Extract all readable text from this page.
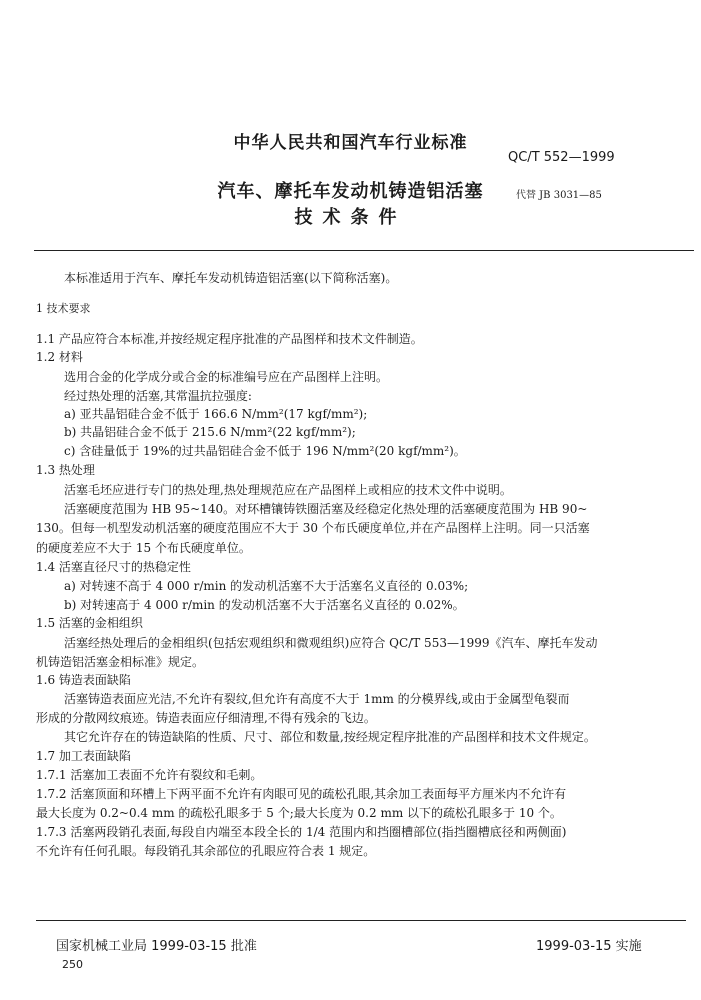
中华人民共和国汽车行业标准
QC/T 552—1999
汽车、摩托车发动机铸造铝活塞	代替 JB 3031—85
技术条件
本标准适用于汽车、摩托车发动机铸造铝活塞(以下简称活塞)。
1 技术要求
1.1 产品应符合本标准,并按经规定程序批准的产品图样和技术文件制造。
1.2 材料
选用合金的化学成分或合金的标准编号应在产品图样上注明。
经过热处理的活塞,其常温抗拉强度:
a) 亚共晶铝硅合金不低于 166.6 N/mm²(17 kgf/mm²);
b) 共晶铝硅合金不低于 215.6 N/mm²(22 kgf/mm²);
c) 含硅量低于 19%的过共晶铝硅合金不低于 196 N/mm²(20 kgf/mm²)。
1.3 热处理
活塞毛坯应进行专门的热处理,热处理规范应在产品图样上或相应的技术文件中说明。
活塞硬度范围为 HB 95~140。对环槽镶铸铁圈活塞及经稳定化热处理的活塞硬度范围为 HB 90~
130。但每一机型发动机活塞的硬度范围应不大于 30 个布氏硬度单位,并在产品图样上注明。同一只活塞
的硬度差应不大于 15 个布氏硬度单位。
1.4 活塞直径尺寸的热稳定性
a) 对转速不高于 4 000 r/min 的发动机活塞不大于活塞名义直径的 0.03%;
b) 对转速高于 4 000 r/min 的发动机活塞不大于活塞名义直径的 0.02%。
1.5 活塞的金相组织
活塞经热处理后的金相组织(包括宏观组织和微观组织)应符合 QC/T 553—1999《汽车、摩托车发动
机铸造铝活塞金相标准》规定。
1.6 铸造表面缺陷
活塞铸造表面应光洁,不允许有裂纹,但允许有高度不大于 1mm 的分模界线,或由于金属型龟裂而
形成的分散网纹痕迹。铸造表面应仔细清理,不得有残余的飞边。
其它允许存在的铸造缺陷的性质、尺寸、部位和数量,按经规定程序批准的产品图样和技术文件规定。
1.7 加工表面缺陷
1.7.1 活塞加工表面不允许有裂纹和毛刺。
1.7.2 活塞顶面和环槽上下两平面不允许有肉眼可见的疏松孔眼,其余加工表面每平方厘米内不允许有
最大长度为 0.2~0.4 mm 的疏松孔眼多于 5 个;最大长度为 0.2 mm 以下的疏松孔眼多于 10 个。
1.7.3 活塞两段销孔表面,每段自内端至本段全长的 1/4 范围内和挡圈槽部位(指挡圈槽底径和两侧面)
不允许有任何孔眼。每段销孔其余部位的孔眼应符合表 1 规定。
国家机械工业局 1999-03-15 批准	1999-03-15 实施
250
